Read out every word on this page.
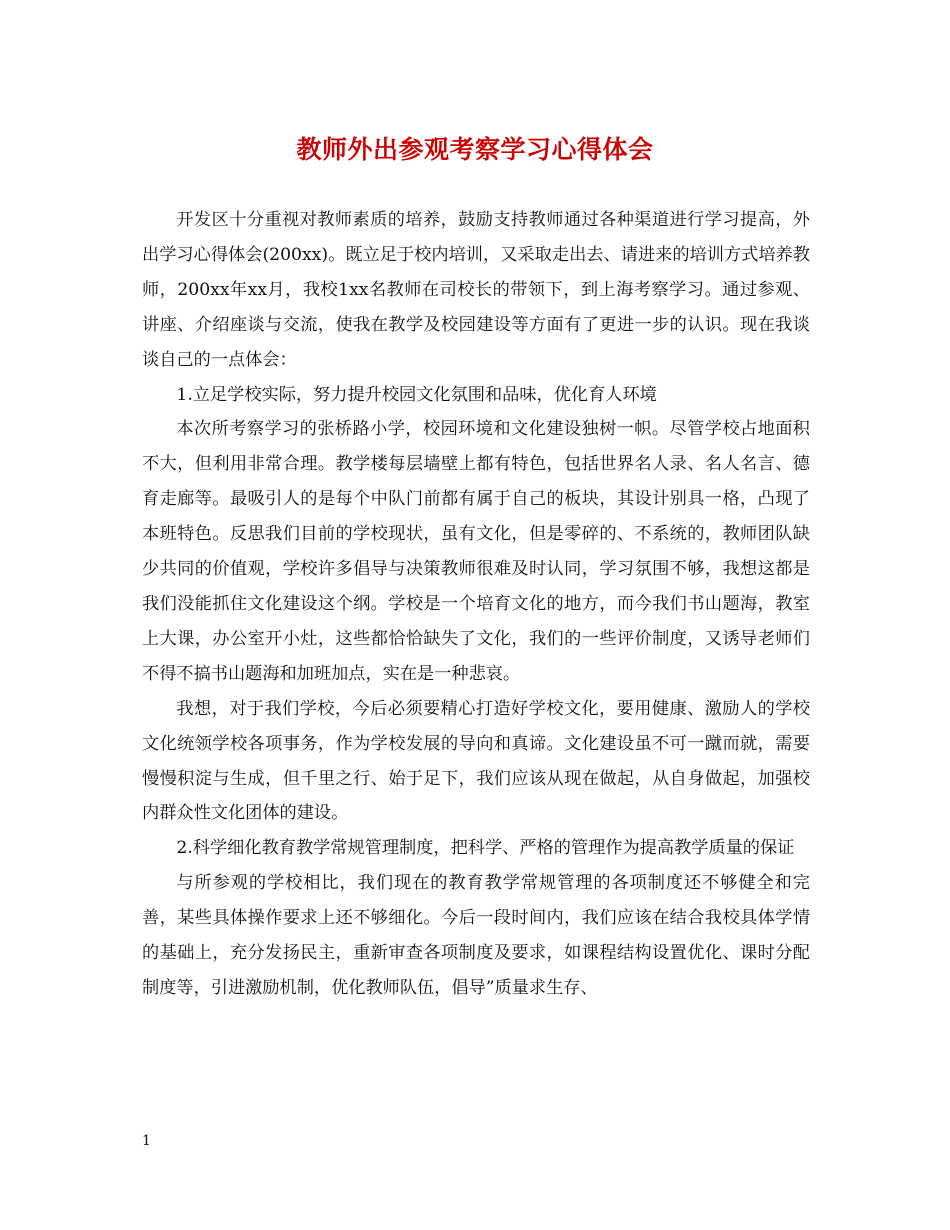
教师外出参观考察学习心得体会

开发区十分重视对教师素质的培养，鼓励支持教师通过各种渠道进行学习提高，外出学习心得体会(200xx)。既立足于校内培训，又采取走出去、请进来的培训方式培养教师，200xx年xx月，我校1xx名教师在司校长的带领下，到上海考察学习。通过参观、讲座、介绍座谈与交流，使我在教学及校园建设等方面有了更进一步的认识。现在我谈谈自己的一点体会：

1.立足学校实际，努力提升校园文化氛围和品味，优化育人环境

本次所考察学习的张桥路小学，校园环境和文化建设独树一帜。尽管学校占地面积不大，但利用非常合理。教学楼每层墙壁上都有特色，包括世界名人录、名人名言、德育走廊等。最吸引人的是每个中队门前都有属于自己的板块，其设计别具一格，凸现了本班特色。反思我们目前的学校现状，虽有文化，但是零碎的、不系统的，教师团队缺少共同的价值观，学校许多倡导与决策教师很难及时认同，学习氛围不够，我想这都是我们没能抓住文化建设这个纲。学校是一个培育文化的地方，而今我们书山题海，教室上大课，办公室开小灶，这些都恰恰缺失了文化，我们的一些评价制度，又诱导老师们不得不搞书山题海和加班加点，实在是一种悲哀。

我想，对于我们学校，今后必须要精心打造好学校文化，要用健康、激励人的学校文化统领学校各项事务，作为学校发展的导向和真谛。文化建设虽不可一蹴而就，需要慢慢积淀与生成，但千里之行、始于足下，我们应该从现在做起，从自身做起，加强校内群众性文化团体的建设。

2.科学细化教育教学常规管理制度，把科学、严格的管理作为提高教学质量的保证

与所参观的学校相比，我们现在的教育教学常规管理的各项制度还不够健全和完善，某些具体操作要求上还不够细化。今后一段时间内，我们应该在结合我校具体学情的基础上，充分发扬民主，重新审查各项制度及要求，如课程结构设置优化、课时分配制度等，引进激励机制，优化教师队伍，倡导”质量求生存、

1
